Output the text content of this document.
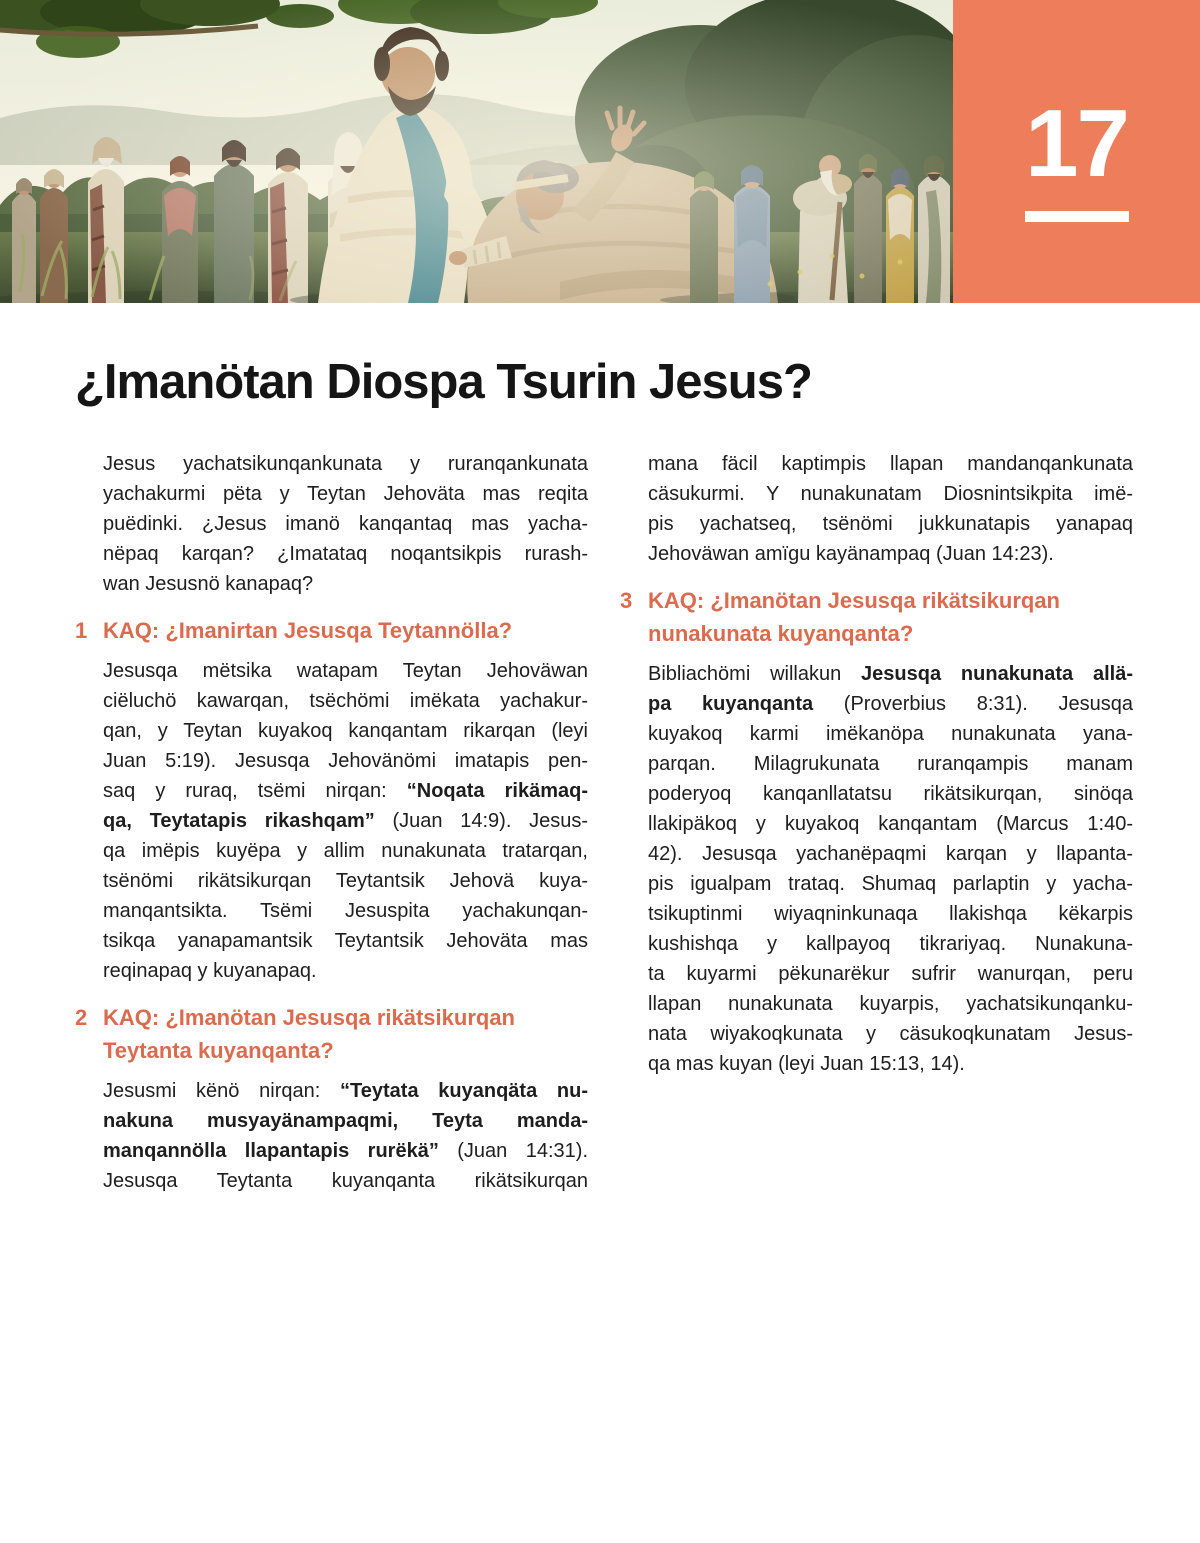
17
¿Imanötan Diospa Tsurin Jesus?
Jesus yachatsikunqankunata y ruranqankunata
yachakurmi pëta y Teytan Jehoväta mas reqita
puëdinki. ¿Jesus imanö kanqantaq mas yacha-
nëpaq karqan? ¿Imatataq noqantsikpis rurash-
wan Jesusnö kanapaq?
1 KAQ: ¿Imanirtan Jesusqa Teytannölla?
Jesusqa mëtsika watapam Teytan Jehoväwan
ciëluchö kawarqan, tsëchömi imëkata yachakur-
qan, y Teytan kuyakoq kanqantam rikarqan (leyi
Juan 5:19). Jesusqa Jehovänömi imatapis pen-
saq y ruraq, tsëmi nirqan: “Noqata rikämaq-
qa, Teytatapis rikashqam” (Juan 14:9). Jesus-
qa imëpis kuyëpa y allim nunakunata tratarqan,
tsënömi rikätsikurqan Teytantsik Jehovä kuya-
manqantsikta. Tsëmi Jesuspita yachakunqan-
tsikqa yanapamantsik Teytantsik Jehoväta mas
reqinapaq y kuyanapaq.
2 KAQ: ¿Imanötan Jesusqa rikätsikurqan
Teytanta kuyanqanta?
Jesusmi kënö nirqan: “Teytata kuyanqäta nu-
nakuna musyayänampaqmi, Teyta manda-
manqannölla llapantapis rurëkä” (Juan 14:31).
Jesusqa Teytanta kuyanqanta rikätsikurqan
mana fäcil kaptimpis llapan mandanqankunata
cäsukurmi. Y nunakunatam Diosnintsikpita imë-
pis yachatseq, tsënömi jukkunatapis yanapaq
Jehoväwan amïgu kayänampaq (Juan 14:23).
3 KAQ: ¿Imanötan Jesusqa rikätsikurqan
nunakunata kuyanqanta?
Bibliachömi willakun Jesusqa nunakunata allä-
pa kuyanqanta (Proverbius 8:31). Jesusqa
kuyakoq karmi imëkanöpa nunakunata yana-
parqan. Milagrukunata ruranqampis manam
poderyoq kanqanllatatsu rikätsikurqan, sinöqa
llakipäkoq y kuyakoq kanqantam (Marcus 1:40-
42). Jesusqa yachanëpaqmi karqan y llapanta-
pis igualpam trataq. Shumaq parlaptin y yacha-
tsikuptinmi wiyaqninkunaqa llakishqa këkarpis
kushishqa y kallpayoq tikrariyaq. Nunakuna-
ta kuyarmi pëkunarëkur sufrir wanurqan, peru
llapan nunakunata kuyarpis, yachatsikunqanku-
nata wiyakoqkunata y cäsukoqkunatam Jesus-
qa mas kuyan (leyi Juan 15:13, 14).
